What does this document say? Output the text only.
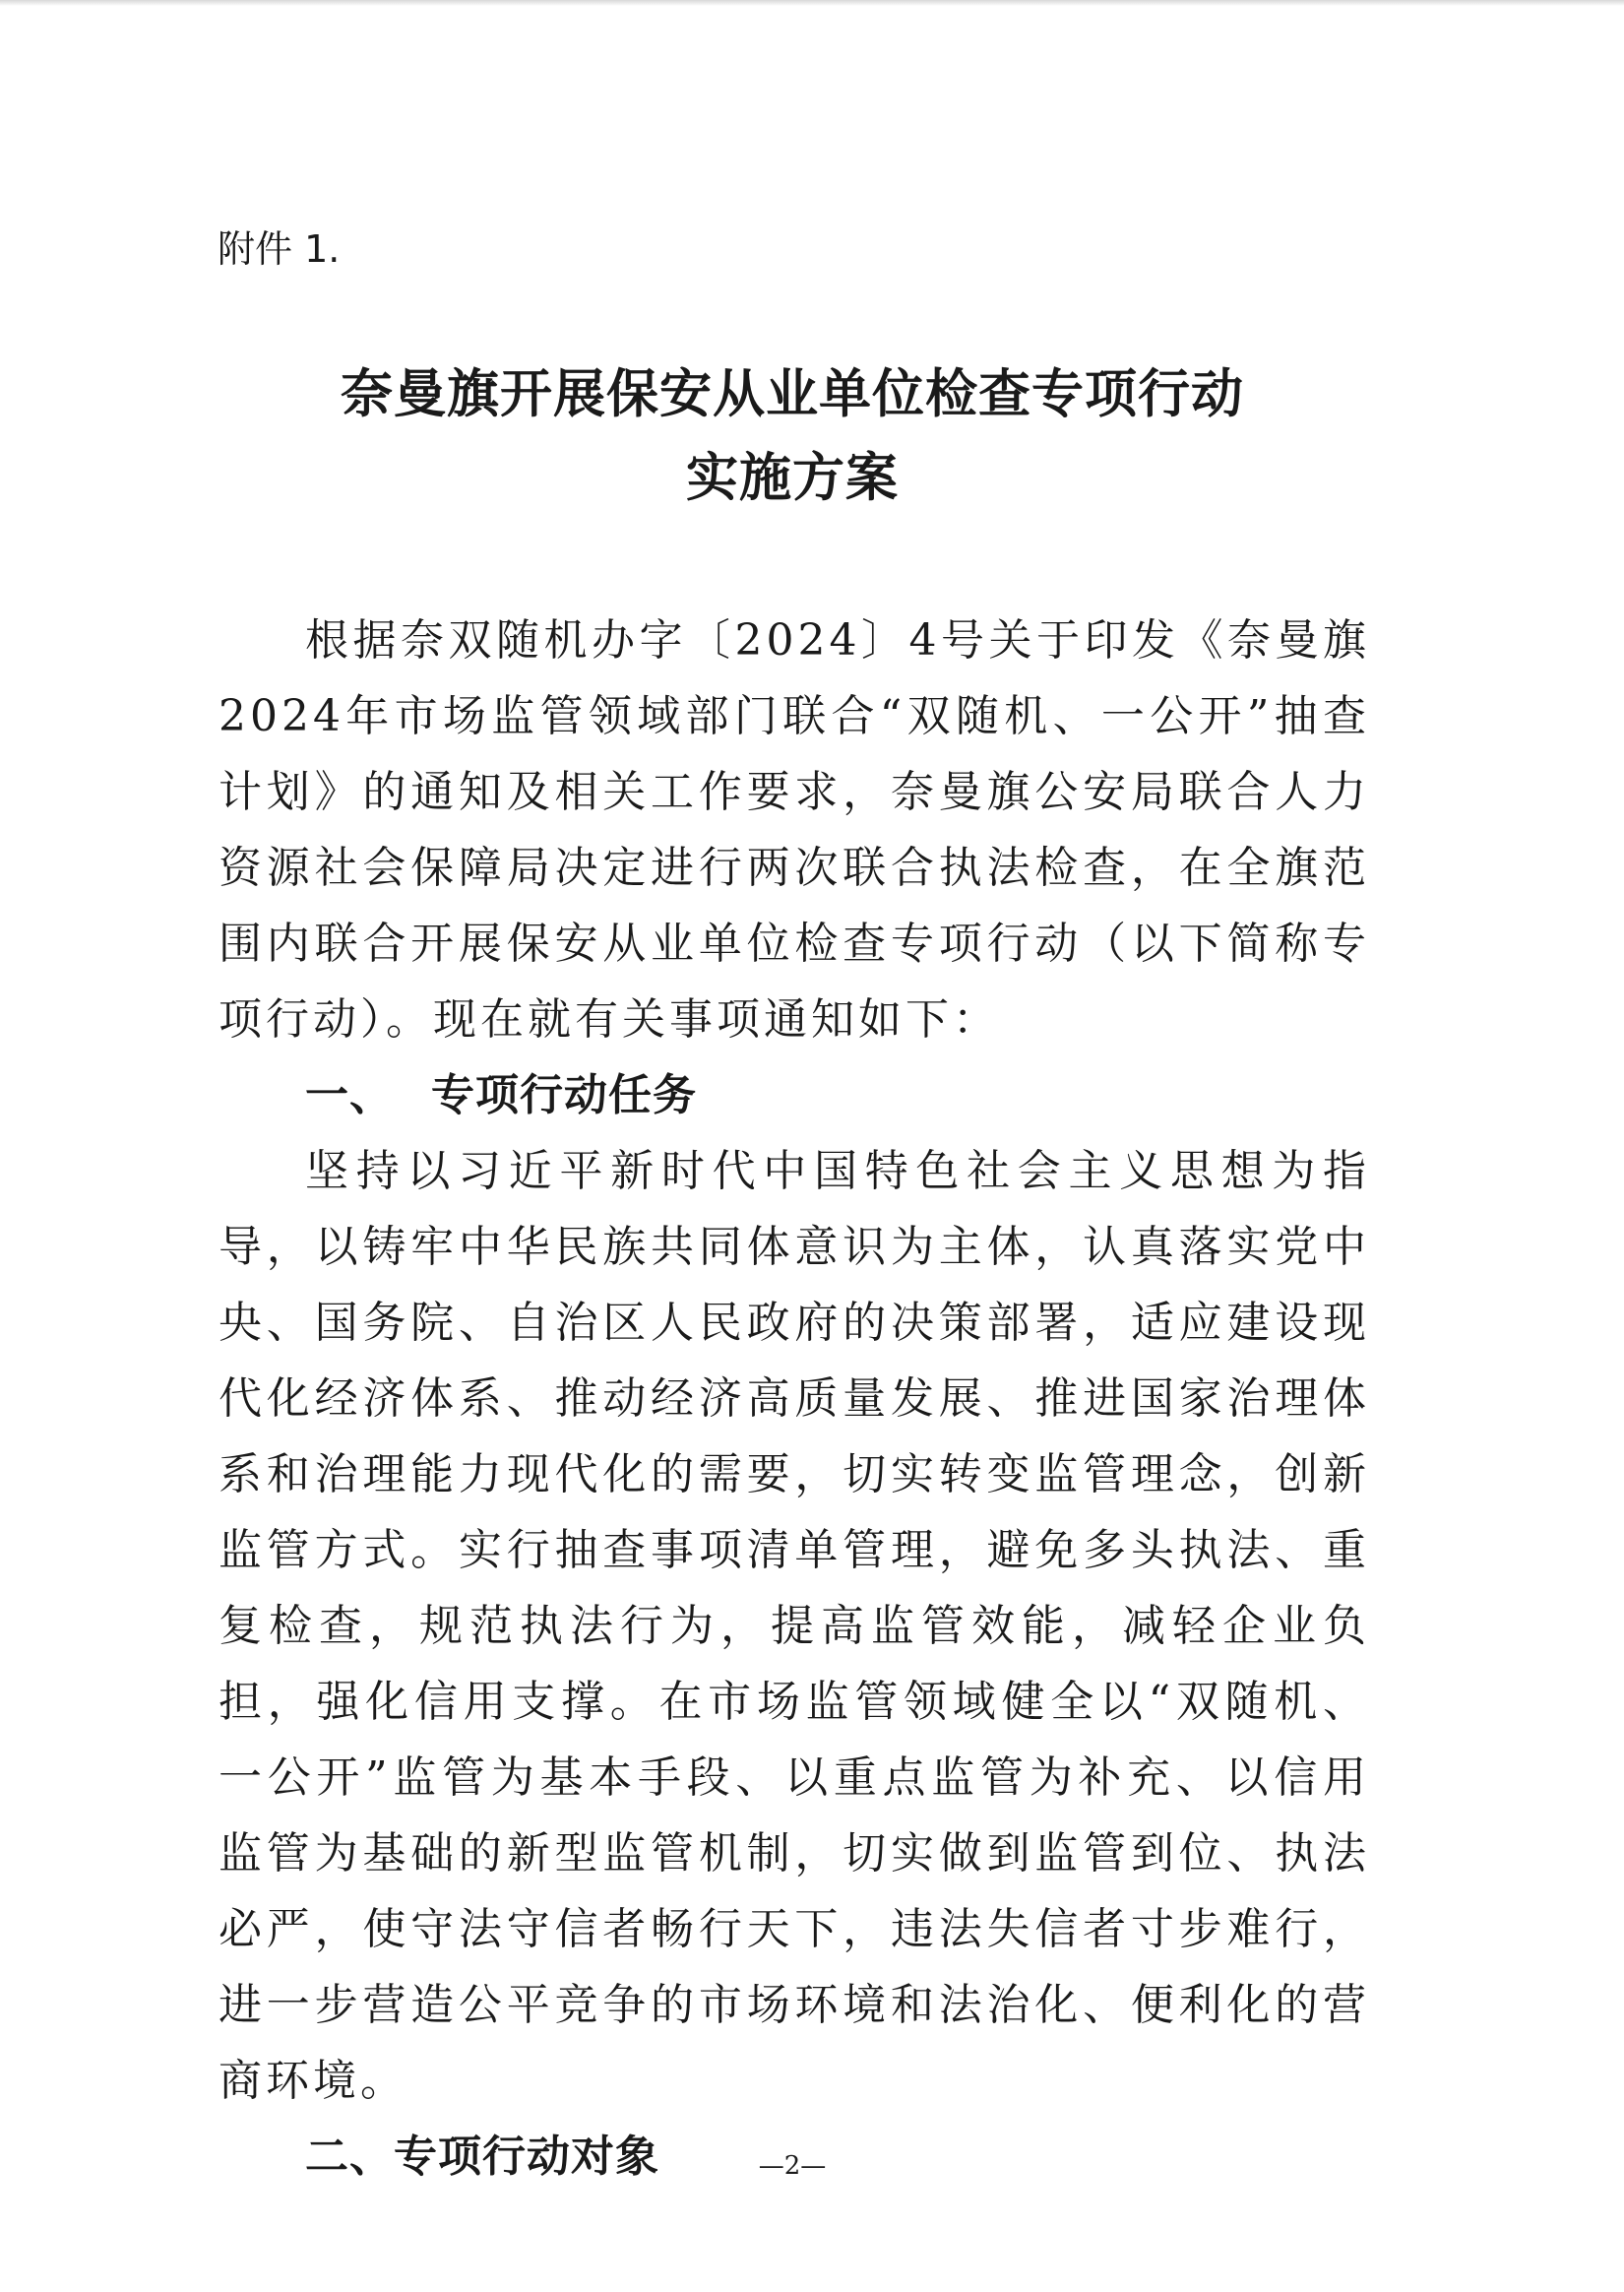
附件 1.

奈曼旗开展保安从业单位检查专项行动
实施方案

根据奈双随机办字〔2024〕4号关于印发《奈曼旗2024年市场监管领域部门联合“双随机、一公开”抽查计划》的通知及相关工作要求，奈曼旗公安局联合人力资源社会保障局决定进行两次联合执法检查，在全旗范围内联合开展保安从业单位检查专项行动（以下简称专项行动）。现在就有关事项通知如下：

一、 专项行动任务

坚持以习近平新时代中国特色社会主义思想为指导，以铸牢中华民族共同体意识为主体，认真落实党中央、国务院、自治区人民政府的决策部署，适应建设现代化经济体系、推动经济高质量发展、推进国家治理体系和治理能力现代化的需要，切实转变监管理念，创新监管方式。实行抽查事项清单管理，避免多头执法、重复检查，规范执法行为，提高监管效能，减轻企业负担，强化信用支撑。在市场监管领域健全以“双随机、一公开”监管为基本手段、以重点监管为补充、以信用监管为基础的新型监管机制，切实做到监管到位、执法必严，使守法守信者畅行天下，违法失信者寸步难行，进一步营造公平竞争的市场环境和法治化、便利化的营商环境。

二、专项行动对象	—2—
